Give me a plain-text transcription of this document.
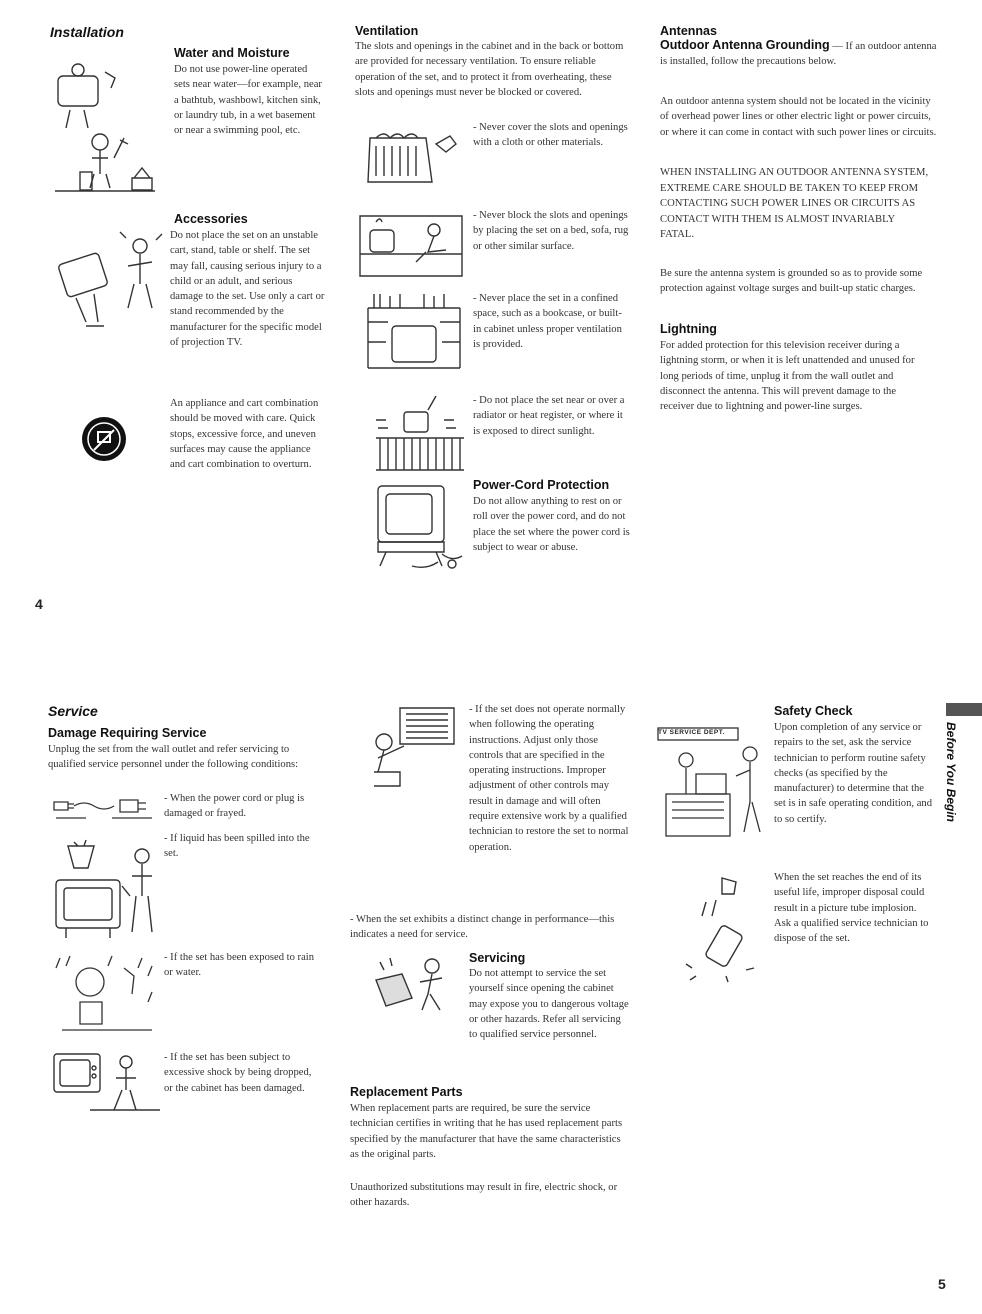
Installation
Water and Moisture
Do not use power-line operated sets near water—for example, near a bathtub, washbowl, kitchen sink, or laundry tub, in a wet basement or near a swimming pool, etc.
Accessories
Do not place the set on an unstable cart, stand, table or shelf. The set may fall, causing serious injury to a child or an adult, and serious damage to the set. Use only a cart or stand recommended by the manufacturer for the specific model of projection TV.
An appliance and cart combination should be moved with care. Quick stops, excessive force, and uneven surfaces may cause the appliance and cart combination to overturn.
Ventilation
The slots and openings in the cabinet and in the back or bottom are provided for necessary ventilation. To ensure reliable operation of the set, and to protect it from overheating, these slots and openings must never be blocked or covered.
- Never cover the slots and openings with a cloth or other materials.
- Never block the slots and openings by placing the set on a bed, sofa, rug or other similar surface.
- Never place the set in a confined space, such as a bookcase, or built-in cabinet unless proper ventilation is provided.
- Do not place the set near or over a radiator or heat register, or where it is exposed to direct sunlight.
Power-Cord Protection
Do not allow anything to rest on or roll over the power cord, and do not place the set where the power cord is subject to wear or abuse.
Antennas
Outdoor Antenna Grounding — If an outdoor antenna is installed, follow the precautions below.
An outdoor antenna system should not be located in the vicinity of overhead power lines or other electric light or power circuits, or where it can come in contact with such power lines or circuits.
WHEN INSTALLING AN OUTDOOR ANTENNA SYSTEM, EXTREME CARE SHOULD BE TAKEN TO KEEP FROM CONTACTING SUCH POWER LINES OR CIRCUITS AS CONTACT WITH THEM IS ALMOST INVARIABLY FATAL.
Be sure the antenna system is grounded so as to provide some protection against voltage surges and built-up static charges.
Lightning
For added protection for this television receiver during a lightning storm, or when it is left unattended and unused for long periods of time, unplug it from the wall outlet and disconnect the antenna. This will prevent damage to the receiver due to lightning and power-line surges.
4
Service
Damage Requiring Service
Unplug the set from the wall outlet and refer servicing to qualified service personnel under the following conditions:
- When the power cord or plug is damaged or frayed.
- If liquid has been spilled into the set.
- If the set has been exposed to rain or water.
- If the set has been subject to excessive shock by being dropped, or the cabinet has been damaged.
- If the set does not operate normally when following the operating instructions. Adjust only those controls that are specified in the operating instructions. Improper adjustment of other controls may result in damage and will often require extensive work by a qualified technician to restore the set to normal operation.
- When the set exhibits a distinct change in performance—this indicates a need for service.
Servicing
Do not attempt to service the set yourself since opening the cabinet may expose you to dangerous voltage or other hazards. Refer all servicing to qualified service personnel.
Replacement Parts
When replacement parts are required, be sure the service technician certifies in writing that he has used replacement parts specified by the manufacturer that have the same characteristics as the original parts.
Unauthorized substitutions may result in fire, electric shock, or other hazards.
TV SERVICE DEPT.
Safety Check
Upon completion of any service or repairs to the set, ask the service technician to perform routine safety checks (as specified by the manufacturer) to determine that the set is in safe operating condition, and to so certify.
When the set reaches the end of its useful life, improper disposal could result in a picture tube implosion. Ask a qualified service technician to dispose of the set.
Before You Begin
5
